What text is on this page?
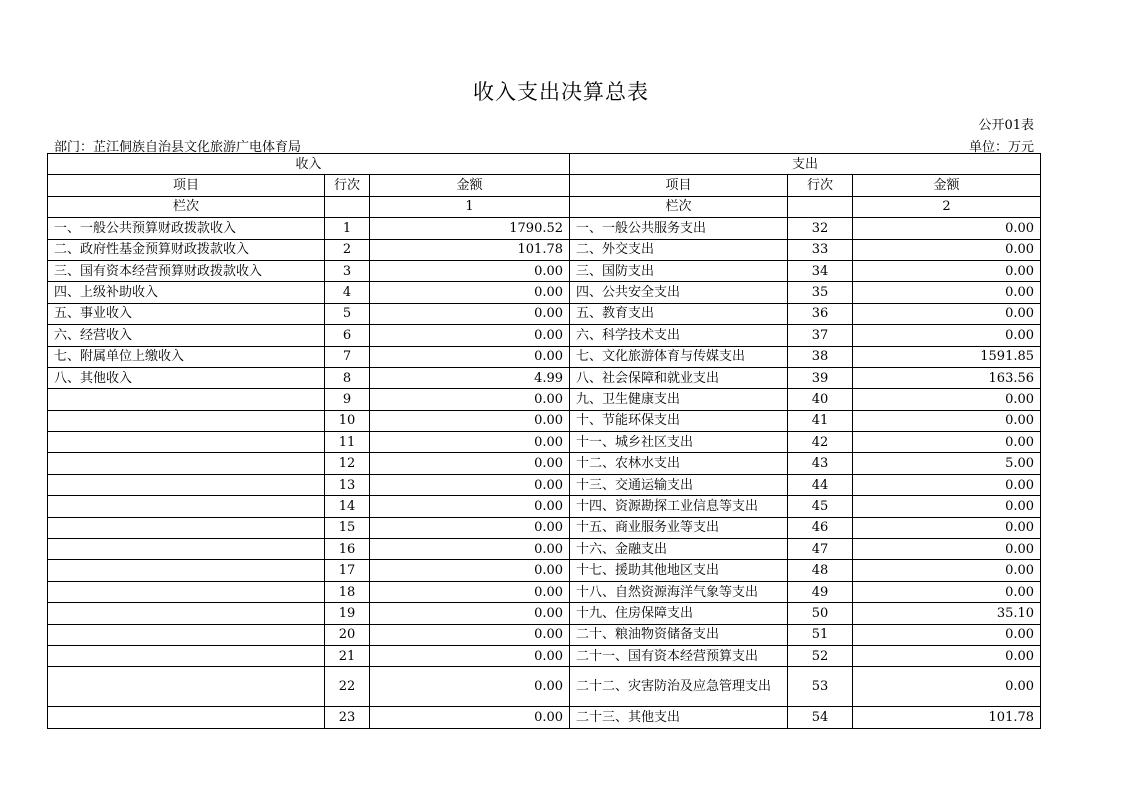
收入支出决算总表
公开01表
部门：芷江侗族自治县文化旅游广电体育局	单位：万元
收入			支出		
项目	行次	金额	项目	行次	金额
栏次		1	栏次		2
一、一般公共预算财政拨款收入	1	1790.52	一、一般公共服务支出	32	0.00
二、政府性基金预算财政拨款收入	2	101.78	二、外交支出	33	0.00
三、国有资本经营预算财政拨款收入	3	0.00	三、国防支出	34	0.00
四、上级补助收入	4	0.00	四、公共安全支出	35	0.00
五、事业收入	5	0.00	五、教育支出	36	0.00
六、经营收入	6	0.00	六、科学技术支出	37	0.00
七、附属单位上缴收入	7	0.00	七、文化旅游体育与传媒支出	38	1591.85
八、其他收入	8	4.99	八、社会保障和就业支出	39	163.56
	9	0.00	九、卫生健康支出	40	0.00
	10	0.00	十、节能环保支出	41	0.00
	11	0.00	十一、城乡社区支出	42	0.00
	12	0.00	十二、农林水支出	43	5.00
	13	0.00	十三、交通运输支出	44	0.00
	14	0.00	十四、资源勘探工业信息等支出	45	0.00
	15	0.00	十五、商业服务业等支出	46	0.00
	16	0.00	十六、金融支出	47	0.00
	17	0.00	十七、援助其他地区支出	48	0.00
	18	0.00	十八、自然资源海洋气象等支出	49	0.00
	19	0.00	十九、住房保障支出	50	35.10
	20	0.00	二十、粮油物资储备支出	51	0.00
	21	0.00	二十一、国有资本经营预算支出	52	0.00
	22	0.00	二十二、灾害防治及应急管理支出	53	0.00
	23	0.00	二十三、其他支出	54	101.78
